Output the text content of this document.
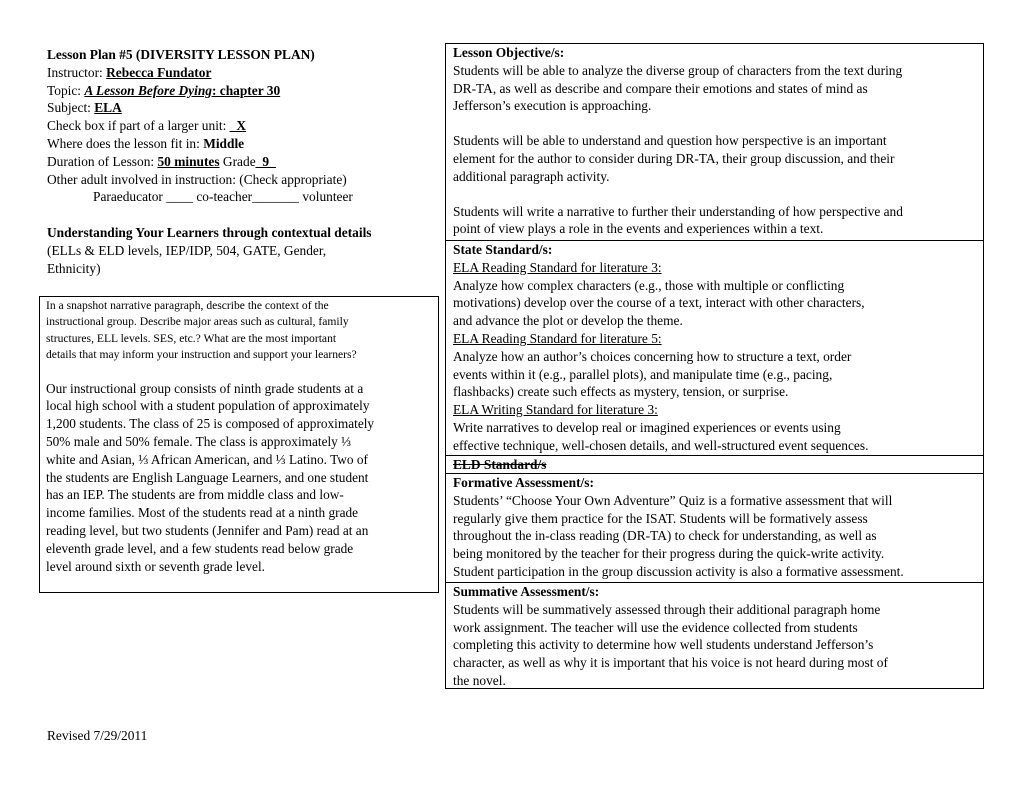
Lesson Plan #5 (DIVERSITY LESSON PLAN)
Instructor: Rebecca Fundator
Topic: A Lesson Before Dying: chapter 30
Subject: ELA
Check box if part of a larger unit: _X
Where does the lesson fit in: Middle
Duration of Lesson: 50 minutes Grade_9_
Other adult involved in instruction: (Check appropriate)
Paraeducator ____ co-teacher_______ volunteer
Understanding Your Learners through contextual details
(ELLs & ELD levels, IEP/IDP, 504, GATE, Gender,
Ethnicity)
In a snapshot narrative paragraph, describe the context of the
instructional group. Describe major areas such as cultural, family
structures, ELL levels. SES, etc.? What are the most important
details that may inform your instruction and support your learners?
Our instructional group consists of ninth grade students at a
local high school with a student population of approximately
1,200 students. The class of 25 is composed of approximately
50% male and 50% female. The class is approximately ⅓
white and Asian, ⅓ African American, and ⅓ Latino. Two of
the students are English Language Learners, and one student
has an IEP. The students are from middle class and low-
income families. Most of the students read at a ninth grade
reading level, but two students (Jennifer and Pam) read at an
eleventh grade level, and a few students read below grade
level around sixth or seventh grade level.
Lesson Objective/s:
Students will be able to analyze the diverse group of characters from the text during
DR-TA, as well as describe and compare their emotions and states of mind as
Jefferson’s execution is approaching.
Students will be able to understand and question how perspective is an important
element for the author to consider during DR-TA, their group discussion, and their
additional paragraph activity.
Students will write a narrative to further their understanding of how perspective and
point of view plays a role in the events and experiences within a text.
State Standard/s:
ELA Reading Standard for literature 3:
Analyze how complex characters (e.g., those with multiple or conflicting
motivations) develop over the course of a text, interact with other characters,
and advance the plot or develop the theme.
ELA Reading Standard for literature 5:
Analyze how an author’s choices concerning how to structure a text, order
events within it (e.g., parallel plots), and manipulate time (e.g., pacing,
flashbacks) create such effects as mystery, tension, or surprise.
ELA Writing Standard for literature 3:
Write narratives to develop real or imagined experiences or events using
effective technique, well-chosen details, and well-structured event sequences.
ELD Standard/s
Formative Assessment/s:
Students’ “Choose Your Own Adventure” Quiz is a formative assessment that will
regularly give them practice for the ISAT. Students will be formatively assess
throughout the in-class reading (DR-TA) to check for understanding, as well as
being monitored by the teacher for their progress during the quick-write activity.
Student participation in the group discussion activity is also a formative assessment.
Summative Assessment/s:
Students will be summatively assessed through their additional paragraph home
work assignment. The teacher will use the evidence collected from students
completing this activity to determine how well students understand Jefferson’s
character, as well as why it is important that his voice is not heard during most of
the novel.
Revised 7/29/2011
